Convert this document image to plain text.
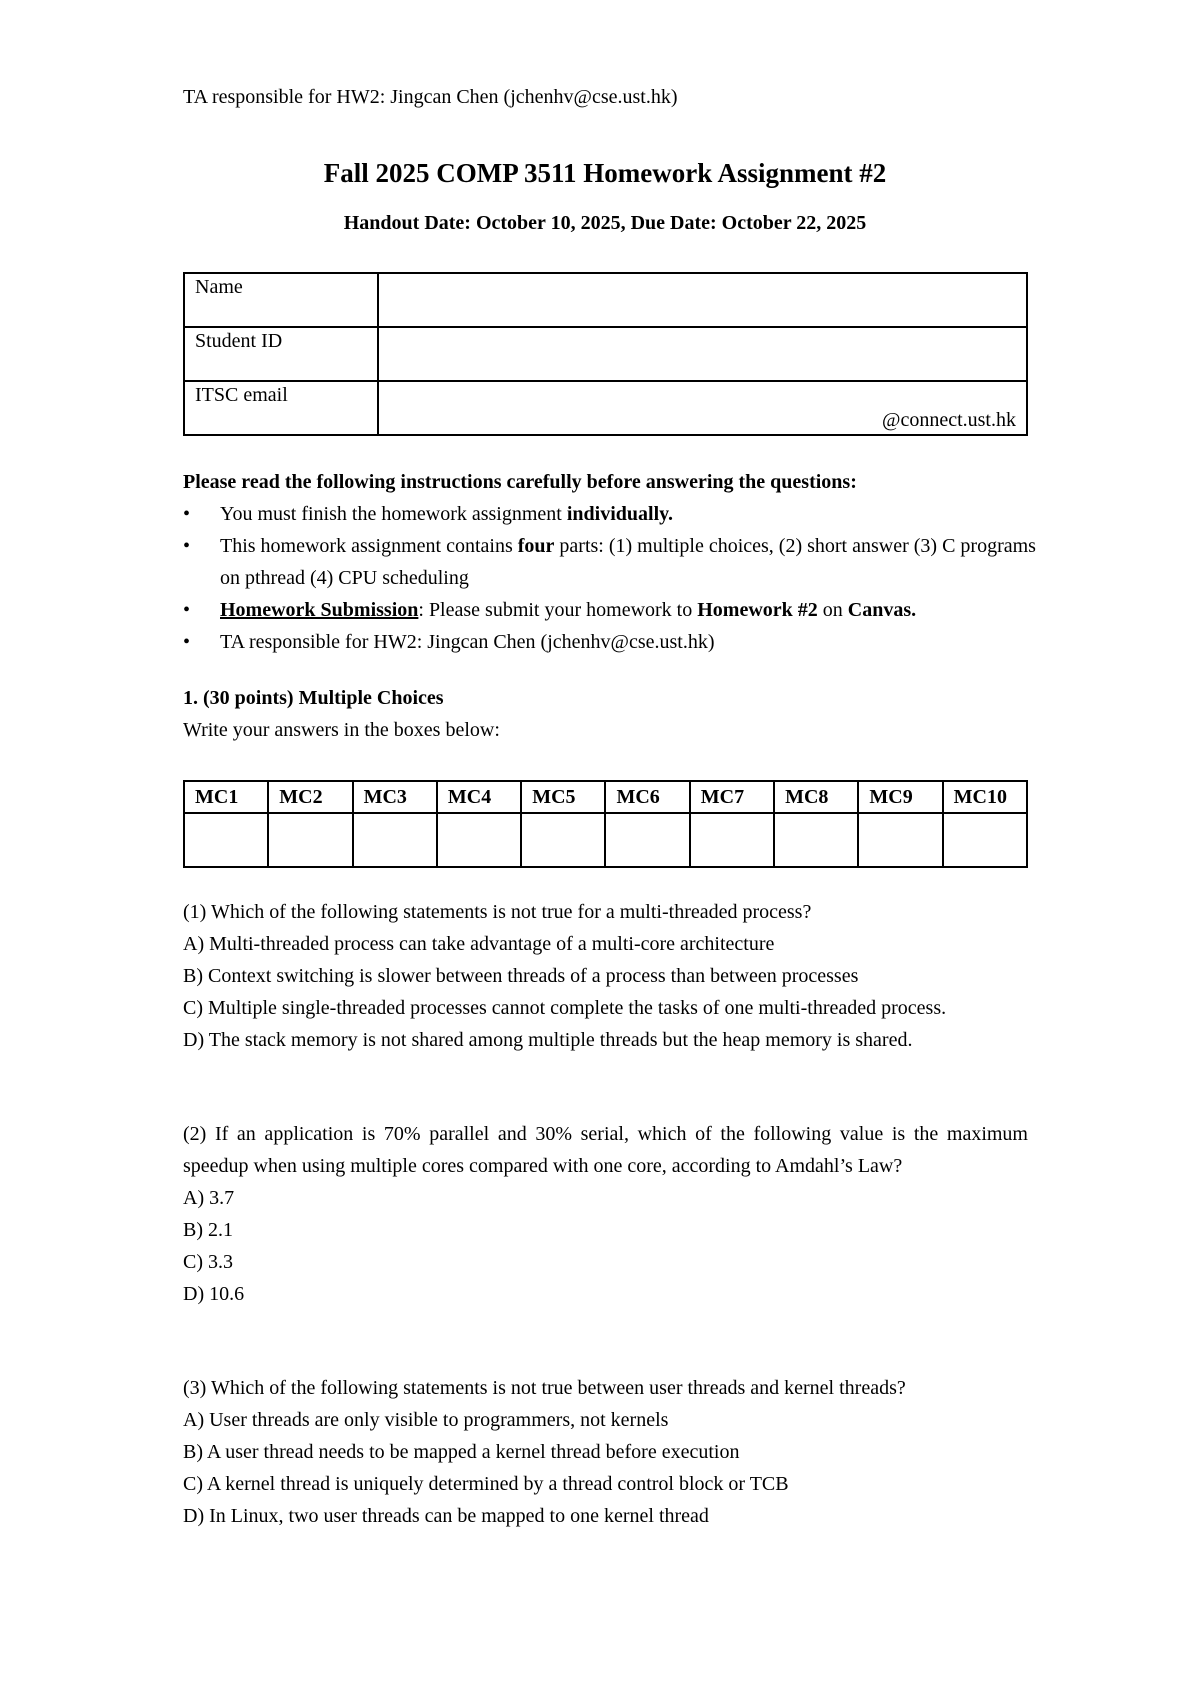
TA responsible for HW2: Jingcan Chen (jchenhv@cse.ust.hk)
Fall 2025 COMP 3511 Homework Assignment #2
Handout Date: October 10, 2025, Due Date: October 22, 2025
Name	
Student ID	
ITSC email	@connect.ust.hk
Please read the following instructions carefully before answering the questions:
• You must finish the homework assignment individually.
• This homework assignment contains four parts: (1) multiple choices, (2) short answer (3) C programs on pthread (4) CPU scheduling
• Homework Submission: Please submit your homework to Homework #2 on Canvas.
• TA responsible for HW2: Jingcan Chen (jchenhv@cse.ust.hk)
1. (30 points) Multiple Choices
Write your answers in the boxes below:
MC1	MC2	MC3	MC4	MC5	MC6	MC7	MC8	MC9	MC10

(1) Which of the following statements is not true for a multi-threaded process?

A) Multi-threaded process can take advantage of a multi-core architecture

B) Context switching is slower between threads of a process than between processes

C) Multiple single-threaded processes cannot complete the tasks of one multi-threaded process.

D) The stack memory is not shared among multiple threads but the heap memory is shared.

(2) If an application is 70% parallel and 30% serial, which of the following value is the maximum speedup when using multiple cores compared with one core, according to Amdahl’s Law?

A) 3.7

B) 2.1

C) 3.3

D) 10.6

(3) Which of the following statements is not true between user threads and kernel threads?

A) User threads are only visible to programmers, not kernels

B) A user thread needs to be mapped a kernel thread before execution

C) A kernel thread is uniquely determined by a thread control block or TCB

D) In Linux, two user threads can be mapped to one kernel thread
